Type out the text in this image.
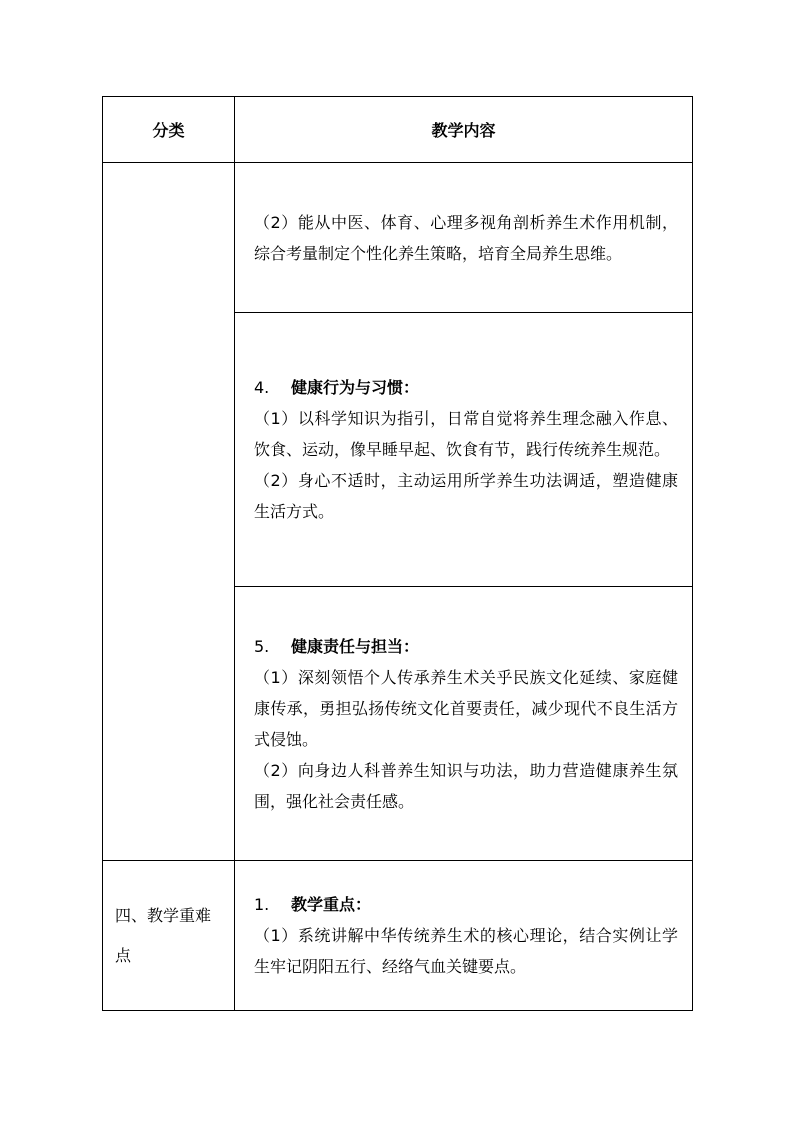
分类	教学内容

	（2）能从中医、体育、心理多视角剖析养生术作用机制，综合考量制定个性化养生策略，培育全局养生思维。

	4. 健康行为与习惯：

（1）以科学知识为指引，日常自觉将养生理念融入作息、饮食、运动，像早睡早起、饮食有节，践行传统养生规范。

（2）身心不适时，主动运用所学养生功法调适，塑造健康生活方式。

	5. 健康责任与担当：

（1）深刻领悟个人传承养生术关乎民族文化延续、家庭健康传承，勇担弘扬传统文化首要责任，减少现代不良生活方式侵蚀。

（2）向身边人科普养生知识与功法，助力营造健康养生氛围，强化社会责任感。

四、教学重难点	1. 教学重点：

（1）系统讲解中华传统养生术的核心理论，结合实例让学生牢记阴阳五行、经络气血关键要点。
